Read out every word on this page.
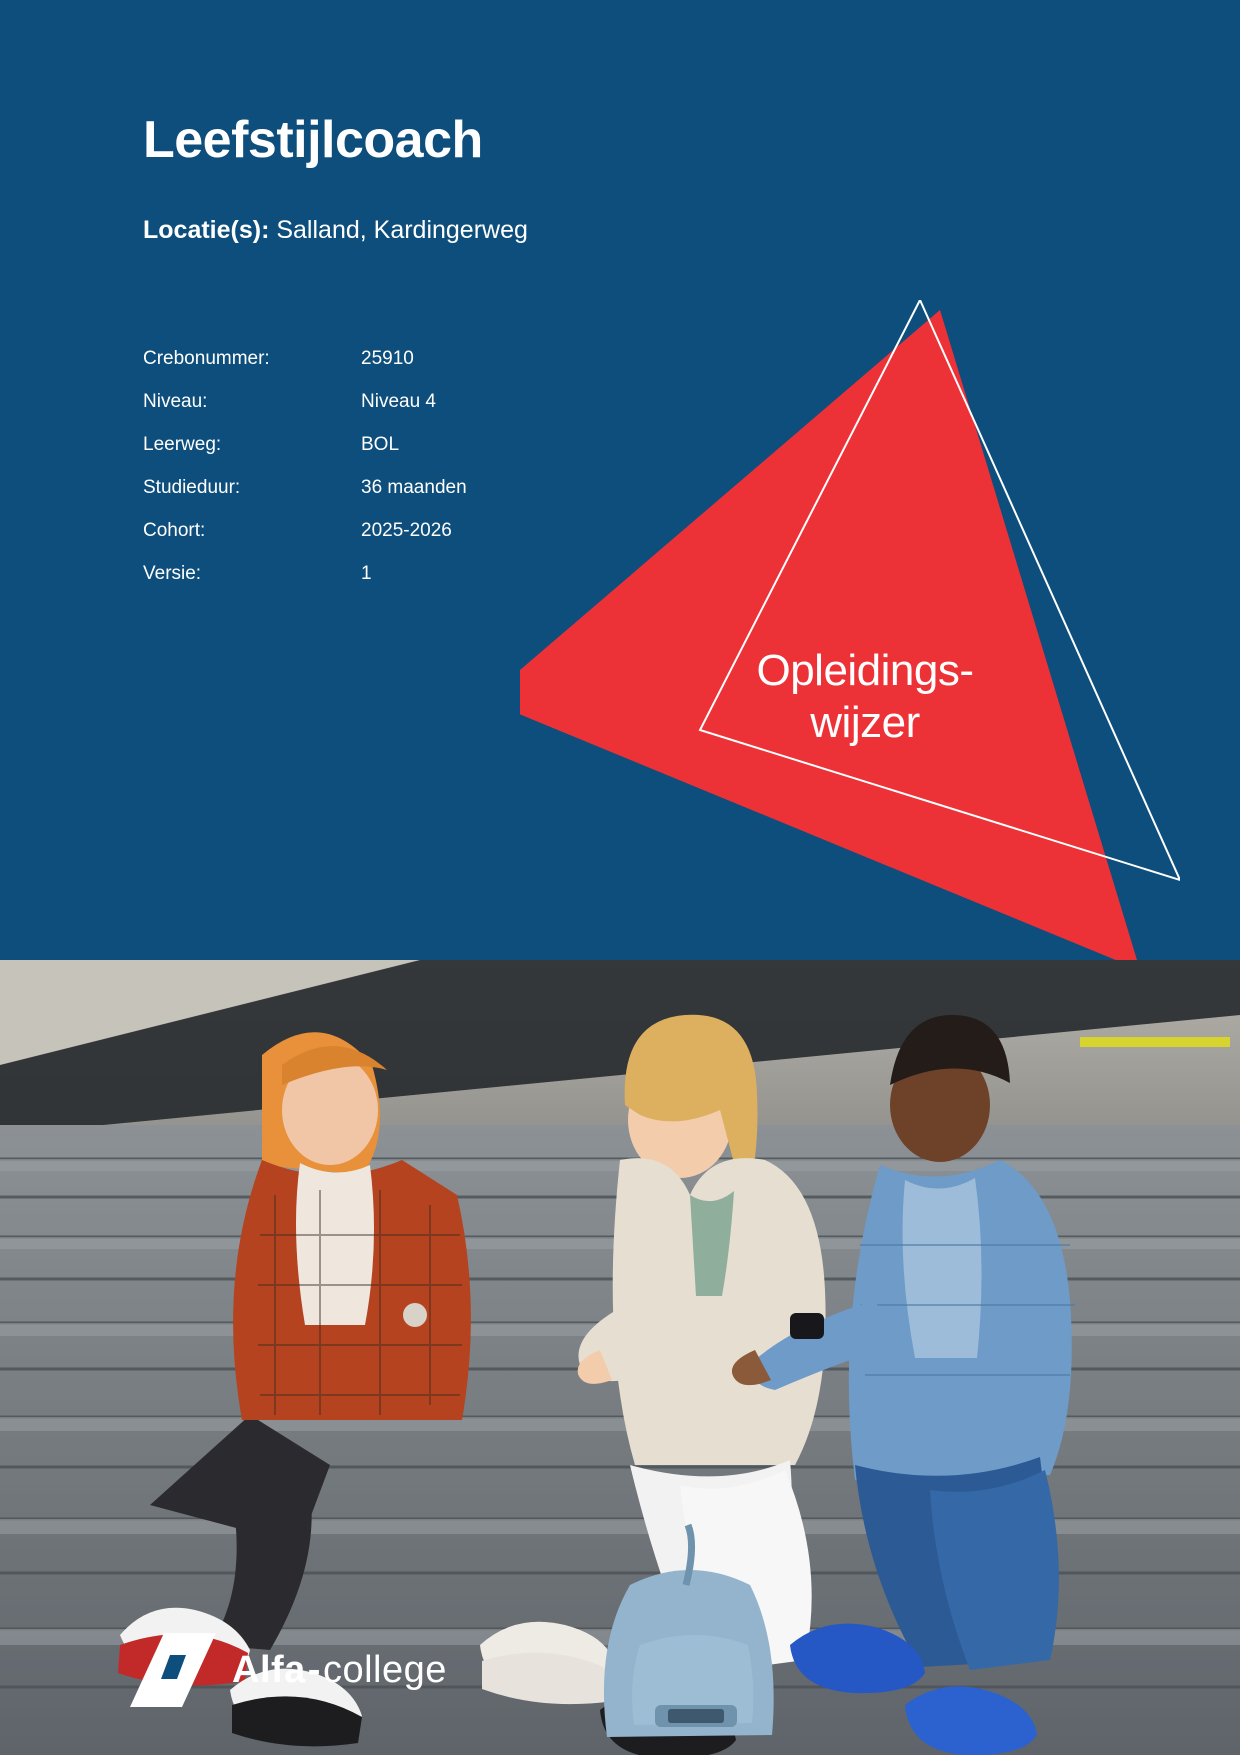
Leefstijlcoach
Locatie(s): Salland, Kardingerweg
Crebonummer:	25910
Niveau:	Niveau 4
Leerweg:	BOL
Studieduur:	36 maanden
Cohort:	2025-2026
Versie:	1
Opleidings-
wijzer
Alfa-college
